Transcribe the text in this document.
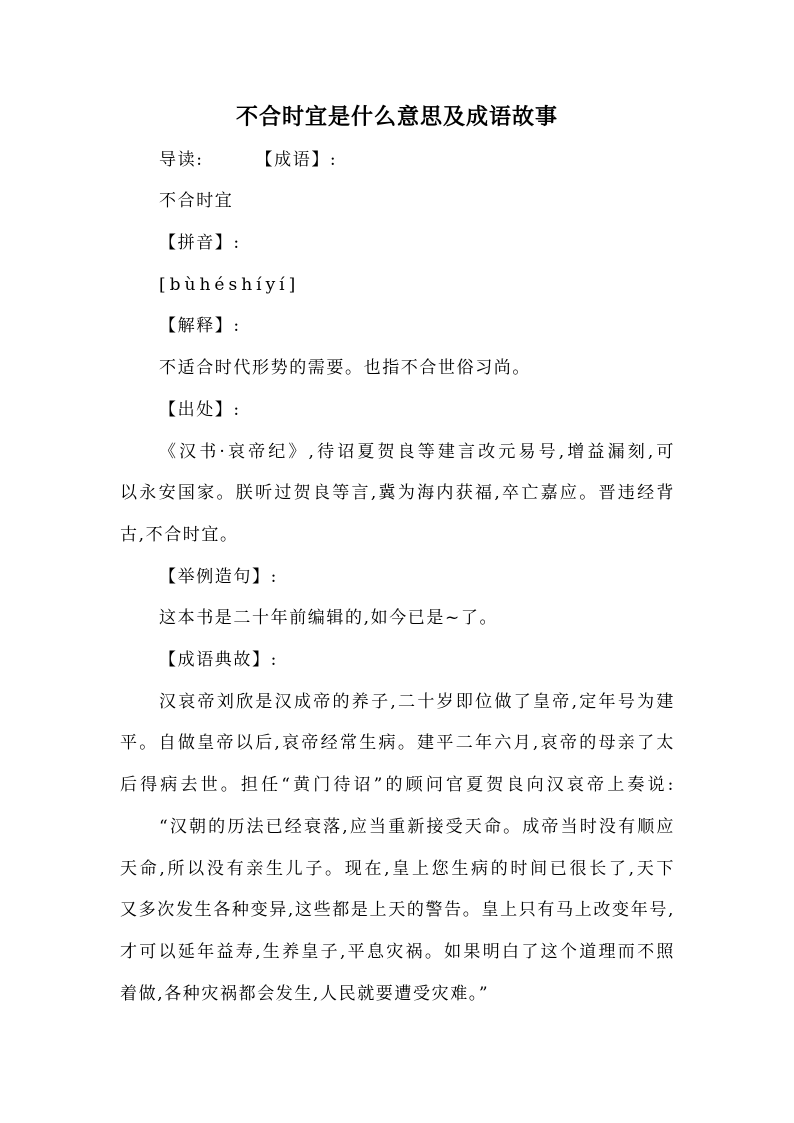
不合时宜是什么意思及成语故事
导读:	【成语】:
不合时宜
【拼音】:
[bùhéshíyí]
【解释】:
不适合时代形势的需要。也指不合世俗习尚。
【出处】:
《汉书·哀帝纪》,待诏夏贺良等建言改元易号,增益漏刻,可
以永安国家。朕听过贺良等言,冀为海内获福,卒亡嘉应。晋违经背
古,不合时宜。
【举例造句】:
这本书是二十年前编辑的,如今已是~了。
【成语典故】:
汉哀帝刘欣是汉成帝的养子,二十岁即位做了皇帝,定年号为建
平。自做皇帝以后,哀帝经常生病。建平二年六月,哀帝的母亲了太
后得病去世。担任“黄门待诏”的顾问官夏贺良向汉哀帝上奏说:
“汉朝的历法已经衰落,应当重新接受天命。成帝当时没有顺应
天命,所以没有亲生儿子。现在,皇上您生病的时间已很长了,天下
又多次发生各种变异,这些都是上天的警告。皇上只有马上改变年号,
才可以延年益寿,生养皇子,平息灾祸。如果明白了这个道理而不照
着做,各种灾祸都会发生,人民就要遭受灾难。”
